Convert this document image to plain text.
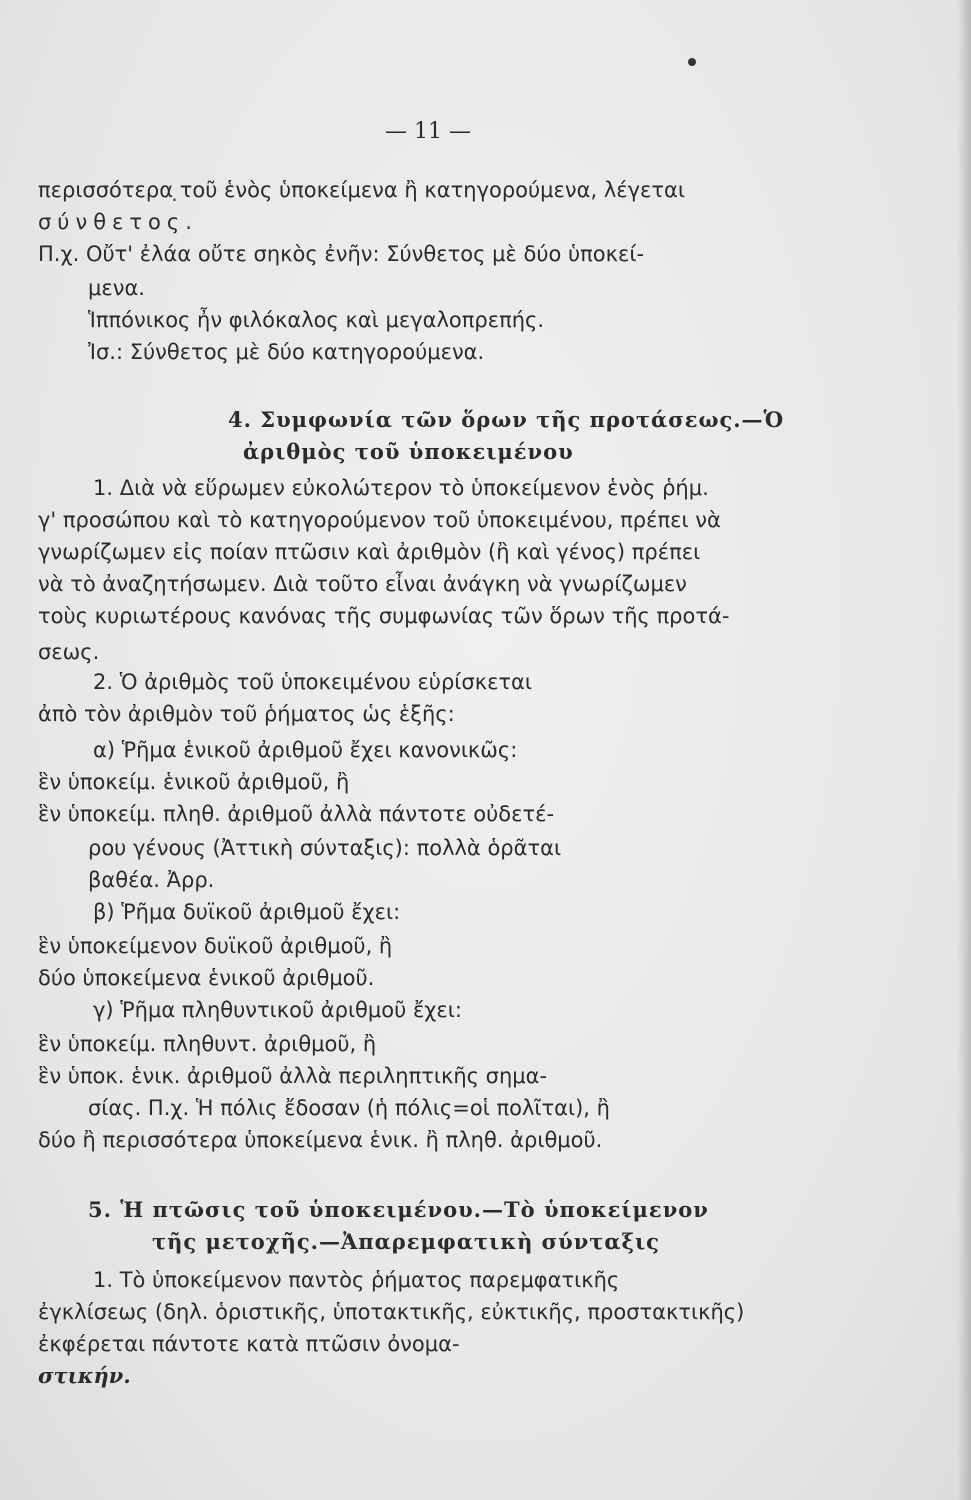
— 11 —
περισσότερα ̣τοῦ ἑνὸς ὑποκείμενα ἢ κατηγορούμενα, λέγεται
σύνθετος.
Π.χ. Οὔτ' ἐλάα οὔτε σηκὸς ἐνῆν: Σύνθετος μὲ δύο ὑποκεί-
μενα.
Ἱππόνικος ἦν φιλόκαλος καὶ μεγαλοπρεπής.
Ἰσ.: Σύνθετος μὲ δύο κατηγορούμενα.
4. Συμφωνία τῶν ὅρων τῆς προτάσεως.—Ὁ
ἀριθμὸς τοῦ ὑποκειμένου
1. Διὰ νὰ εὕρωμεν εὐκολώτερον τὸ ὑποκείμενον ἑνὸς ῥήμ.
γ' προσώπου καὶ τὸ κατηγορούμενον τοῦ ὑποκειμένου, πρέπει νὰ
γνωρίζωμεν εἰς ποίαν πτῶσιν καὶ ἀριθμὸν (ἢ καὶ γένος) πρέπει
νὰ τὸ ἀναζητήσωμεν. Διὰ τοῦτο εἶναι ἀνάγκη νὰ γνωρίζωμεν
τοὺς κυριωτέρους κανόνας τῆς συμφωνίας τῶν ὅρων τῆς προτά-
σεως.
2. Ὁ ἀριθμὸς τοῦ ὑποκειμένου εὑρίσκεται
ἀπὸ τὸν ἀριθμὸν τοῦ ῥήματος ὡς ἑξῆς:
α) Ῥῆμα ἑνικοῦ ἀριθμοῦ ἔχει κανονικῶς:
ἓν ὑποκείμ. ἑνικοῦ ἀριθμοῦ, ἢ
ἓν ὑποκείμ. πληθ. ἀριθμοῦ ἀλλὰ πάντοτε οὐδετέ-
ρου γένους (Ἀττικὴ σύνταξις): πολλὰ ὁρᾶται
βαθέα. Ἀρρ.
β) Ῥῆμα δυϊκοῦ ἀριθμοῦ ἔχει:
ἓν ὑποκείμενον δυϊκοῦ ἀριθμοῦ, ἢ
δύο ὑποκείμενα ἑνικοῦ ἀριθμοῦ.
γ) Ῥῆμα πληθυντικοῦ ἀριθμοῦ ἔχει:
ἓν ὑποκείμ. πληθυντ. ἀριθμοῦ, ἢ
ἓν ὑποκ. ἑνικ. ἀριθμοῦ ἀλλὰ περιληπτικῆς σημα-
σίας. Π.χ. Ἡ πόλις ἔδοσαν (ἡ πόλις=οἱ πολῖται), ἢ
δύο ἢ περισσότερα ὑποκείμενα ἑνικ. ἢ πληθ. ἀριθμοῦ.
5. Ἡ πτῶσις τοῦ ὑποκειμένου.—Τὸ ὑποκείμενον
τῆς μετοχῆς.—Ἀπαρεμφατικὴ σύνταξις
1. Τὸ ὑποκείμενον παντὸς ῥήματος παρεμφατικῆς
ἐγκλίσεως (δηλ. ὁριστικῆς, ὑποτακτικῆς, εὐκτικῆς, προστακτικῆς)
ἐκφέρεται πάντοτε κατὰ πτῶσιν ὀνομα-
στικήν.
